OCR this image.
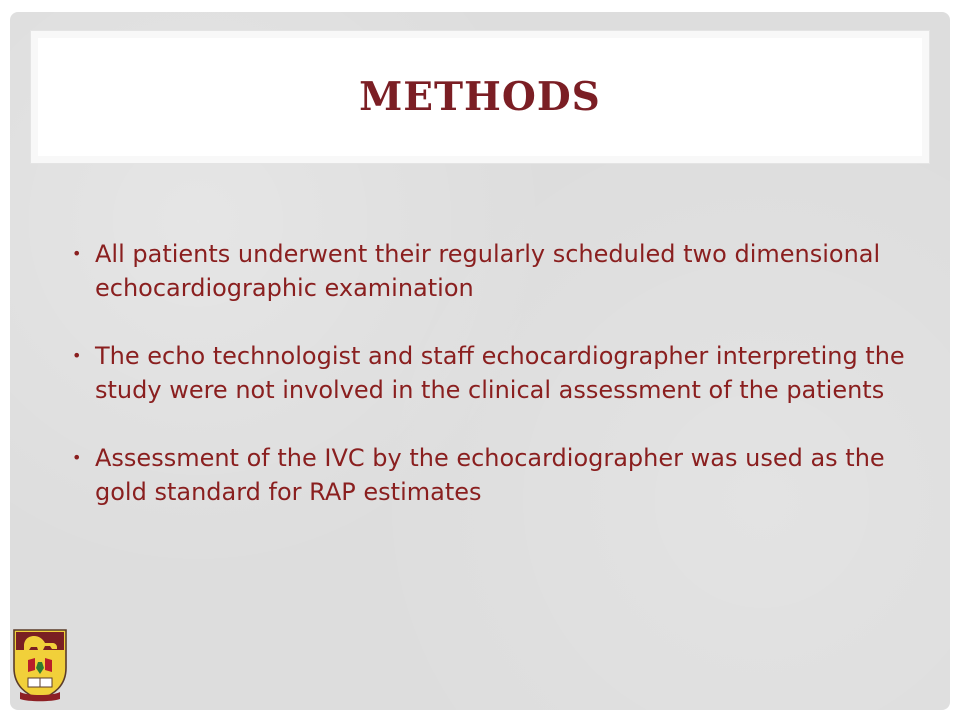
METHODS
• All patients underwent their regularly scheduled two dimensional echocardiographic examination
• The echo technologist and staff echocardiographer interpreting the study were not involved in the clinical assessment of the patients
• Assessment of the IVC by the echocardiographer was used as the gold standard for RAP estimates
